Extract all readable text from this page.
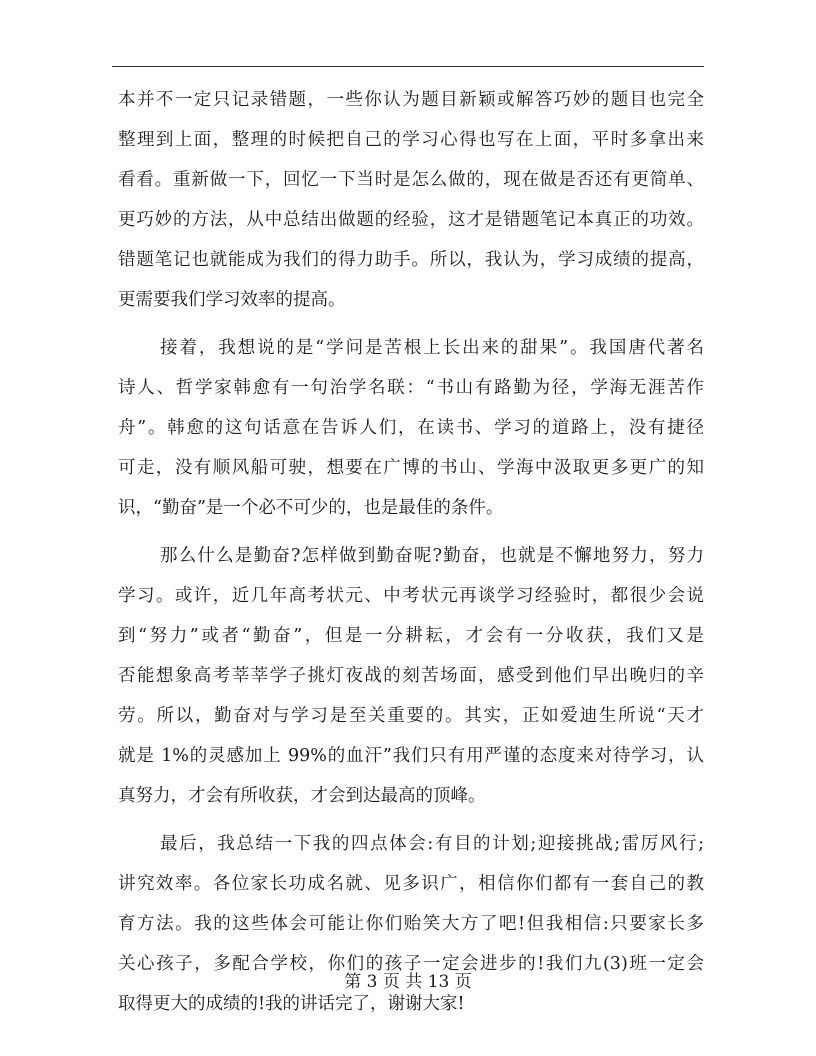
本并不一定只记录错题，一些你认为题目新颖或解答巧妙的题目也完全
整理到上面，整理的时候把自己的学习心得也写在上面，平时多拿出来
看看。重新做一下，回忆一下当时是怎么做的，现在做是否还有更简单、
更巧妙的方法，从中总结出做题的经验，这才是错题笔记本真正的功效。
错题笔记也就能成为我们的得力助手。所以，我认为，学习成绩的提高，
更需要我们学习效率的提高。
接着，我想说的是“学问是苦根上长出来的甜果”。我国唐代著名
诗人、哲学家韩愈有一句治学名联：“书山有路勤为径，学海无涯苦作
舟”。韩愈的这句话意在告诉人们，在读书、学习的道路上，没有捷径
可走，没有顺风船可驶，想要在广博的书山、学海中汲取更多更广的知
识，“勤奋”是一个必不可少的，也是最佳的条件。
那么什么是勤奋?怎样做到勤奋呢?勤奋，也就是不懈地努力，努力
学习。或许，近几年高考状元、中考状元再谈学习经验时，都很少会说
到“努力”或者“勤奋”，但是一分耕耘，才会有一分收获，我们又是
否能想象高考莘莘学子挑灯夜战的刻苦场面，感受到他们早出晚归的辛
劳。所以，勤奋对与学习是至关重要的。其实，正如爱迪生所说“天才
就是 1%的灵感加上 99%的血汗”我们只有用严谨的态度来对待学习，认
真努力，才会有所收获，才会到达最高的顶峰。
最后，我总结一下我的四点体会:有目的计划;迎接挑战;雷厉风行;
讲究效率。各位家长功成名就、见多识广，相信你们都有一套自己的教
育方法。我的这些体会可能让你们贻笑大方了吧!但我相信:只要家长多
关心孩子，多配合学校，你们的孩子一定会进步的!我们九(3)班一定会
取得更大的成绩的!我的讲话完了，谢谢大家!
第 3 页 共 13 页
